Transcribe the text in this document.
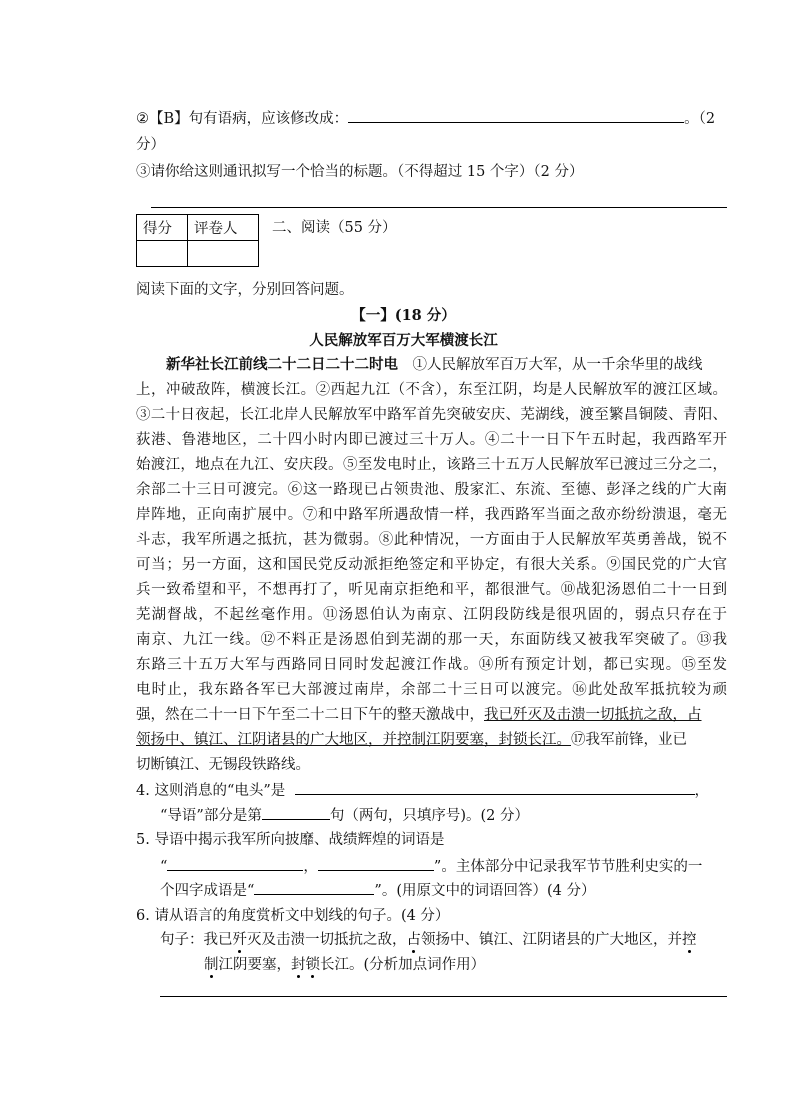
②【B】句有语病，应该修改成：	。（2
分）
③请你给这则通讯拟写一个恰当的标题。（不得超过 15 个字）（2 分）
得分	评卷人
	二、阅读（55 分）
阅读下面的文字，分别回答问题。
【一】(18 分）
人民解放军百万大军横渡长江
新华社长江前线二十二日二十二时电　 ①人民解放军百万大军，从一千余华里的战线
上，冲破敌阵，横渡长江。②西起九江（不含），东至江阴，均是人民解放军的渡江区域。
③二十日夜起，长江北岸人民解放军中路军首先突破安庆、芜湖线，渡至繁昌铜陵、青阳、
荻港、鲁港地区，二十四小时内即已渡过三十万人。④二十一日下午五时起，我西路军开
始渡江，地点在九江、安庆段。⑤至发电时止，该路三十五万人民解放军已渡过三分之二，
余部二十三日可渡完。⑥这一路现已占领贵池、殷家汇、东流、至德、彭泽之线的广大南
岸阵地，正向南扩展中。⑦和中路军所遇敌情一样，我西路军当面之敌亦纷纷溃退，毫无
斗志，我军所遇之抵抗，甚为微弱。⑧此种情况，一方面由于人民解放军英勇善战，锐不
可当；另一方面，这和国民党反动派拒绝签定和平协定，有很大关系。⑨国民党的广大官
兵一致希望和平，不想再打了，听见南京拒绝和平，都很泄气。⑩战犯汤恩伯二十一日到
芜湖督战，不起丝毫作用。⑪汤恩伯认为南京、江阴段防线是很巩固的，弱点只存在于
南京、九江一线。⑫不料正是汤恩伯到芜湖的那一天，东面防线又被我军突破了。⑬我
东路三十五万大军与西路同日同时发起渡江作战。⑭所有预定计划，都已实现。⑮至发
电时止，我东路各军已大部渡过南岸，余部二十三日可以渡完。⑯此处敌军抵抗较为顽
强，然在二十一日下午至二十二日下午的整天激战中，我已歼灭及击溃一切抵抗之敌，占
领扬中、镇江、江阴诸县的广大地区，并控制江阴要塞，封锁长江。⑰我军前锋，业已
切断镇江、无锡段铁路线。
4. 这则消息的“电头”是	，
“导语”部分是第	句（两句，只填序号)。(2 分）
5. 导语中揭示我军所向披靡、战绩辉煌的词语是
“	，	”。主体部分中记录我军节节胜利史实的一
个四字成语是“	”。(用原文中的词语回答）(4 分）
6. 请从语言的角度赏析文中划线的句子。(4 分）
句子：我已歼灭及击溃一切抵抗之敌，占领扬中、镇江、江阴诸县的广大地区，并控
制江阴要塞，封锁长江。(分析加点词作用）
